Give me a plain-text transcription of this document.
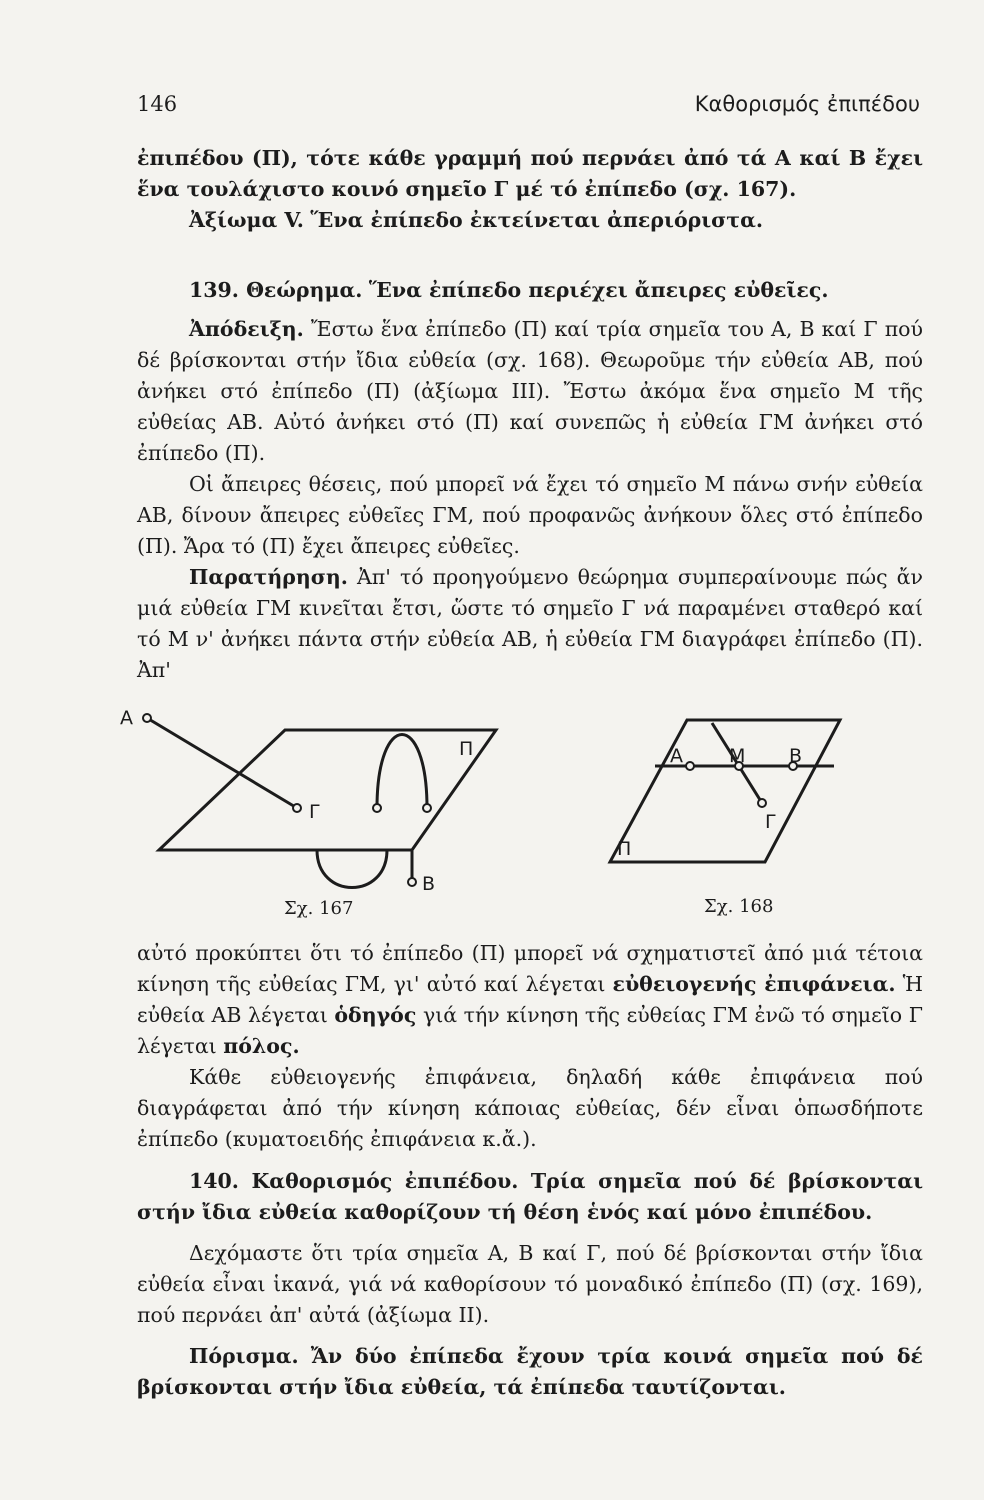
146	Καθορισμός ἐπιπέδου

ἐπιπέδου (Π), τότε κάθε γραμμή πού περνάει ἀπό τά Α καί Β ἔχει ἕνα τουλάχιστο κοινό σημεῖο Γ μέ τό ἐπίπεδο (σχ. 167).

Ἀξίωμα V. Ἕνα ἐπίπεδο ἐκτείνεται ἀπεριόριστα.

139. Θεώρημα. Ἕνα ἐπίπεδο περιέχει ἄπειρες εὐθεῖες.

Ἀπόδειξη. Ἔστω ἕνα ἐπίπεδο (Π) καί τρία σημεῖα του Α, Β καί Γ πού δέ βρίσκονται στήν ἴδια εὐθεία (σχ. 168). Θεωροῦμε τήν εὐθεία ΑΒ, πού ἀνήκει στό ἐπίπεδο (Π) (ἀξίωμα III). Ἔστω ἀκόμα ἕνα σημεῖο Μ τῆς εὐθείας ΑΒ. Αὐτό ἀνήκει στό (Π) καί συνεπῶς ἡ εὐθεία ΓΜ ἀνήκει στό ἐπίπεδο (Π).

Οἱ ἄπειρες θέσεις, πού μπορεῖ νά ἔχει τό σημεῖο Μ πάνω σνήν εὐθεία ΑΒ, δίνουν ἄπειρες εὐθεῖες ΓΜ, πού προφανῶς ἀνήκουν ὅλες στό ἐπίπεδο (Π). Ἄρα τό (Π) ἔχει ἄπειρες εὐθεῖες.

Παρατήρηση. Ἀπ' τό προηγούμενο θεώρημα συμπεραίνουμε πώς ἄν μιά εὐθεία ΓΜ κινεῖται ἔτσι, ὥστε τό σημεῖο Γ νά παραμένει σταθερό καί τό Μ ν' ἀνήκει πάντα στήν εὐθεία ΑΒ, ἡ εὐθεία ΓΜ διαγράφει ἐπίπεδο (Π). Ἀπ'

Α
Π
Γ
Β
Α Μ Β
Γ
Π
Σχ. 167	Σχ. 168

αὐτό προκύπτει ὅτι τό ἐπίπεδο (Π) μπορεῖ νά σχηματιστεῖ ἀπό μιά τέτοια κίνηση τῆς εὐθείας ΓΜ, γι' αὐτό καί λέγεται εὐθειογενής ἐπιφάνεια. Ἡ εὐθεία ΑΒ λέγεται ὁδηγός γιά τήν κίνηση τῆς εὐθείας ΓΜ ἐνῶ τό σημεῖο Γ λέγεται πόλος.

Κάθε εὐθειογενής ἐπιφάνεια, δηλαδή κάθε ἐπιφάνεια πού διαγράφεται ἀπό τήν κίνηση κάποιας εὐθείας, δέν εἶναι ὁπωσδήποτε ἐπίπεδο (κυματοειδής ἐπιφάνεια κ.ἄ.).

140. Καθορισμός ἐπιπέδου. Τρία σημεῖα πού δέ βρίσκονται στήν ἴδια εὐθεία καθορίζουν τή θέση ἑνός καί μόνο ἐπιπέδου.

Δεχόμαστε ὅτι τρία σημεῖα Α, Β καί Γ, πού δέ βρίσκονται στήν ἴδια εὐθεία εἶναι ἱκανά, γιά νά καθορίσουν τό μοναδικό ἐπίπεδο (Π) (σχ. 169), πού περνάει ἀπ' αὐτά (ἀξίωμα II).

Πόρισμα. Ἄν δύο ἐπίπεδα ἔχουν τρία κοινά σημεῖα πού δέ βρίσκονται στήν ἴδια εὐθεία, τά ἐπίπεδα ταυτίζονται.
